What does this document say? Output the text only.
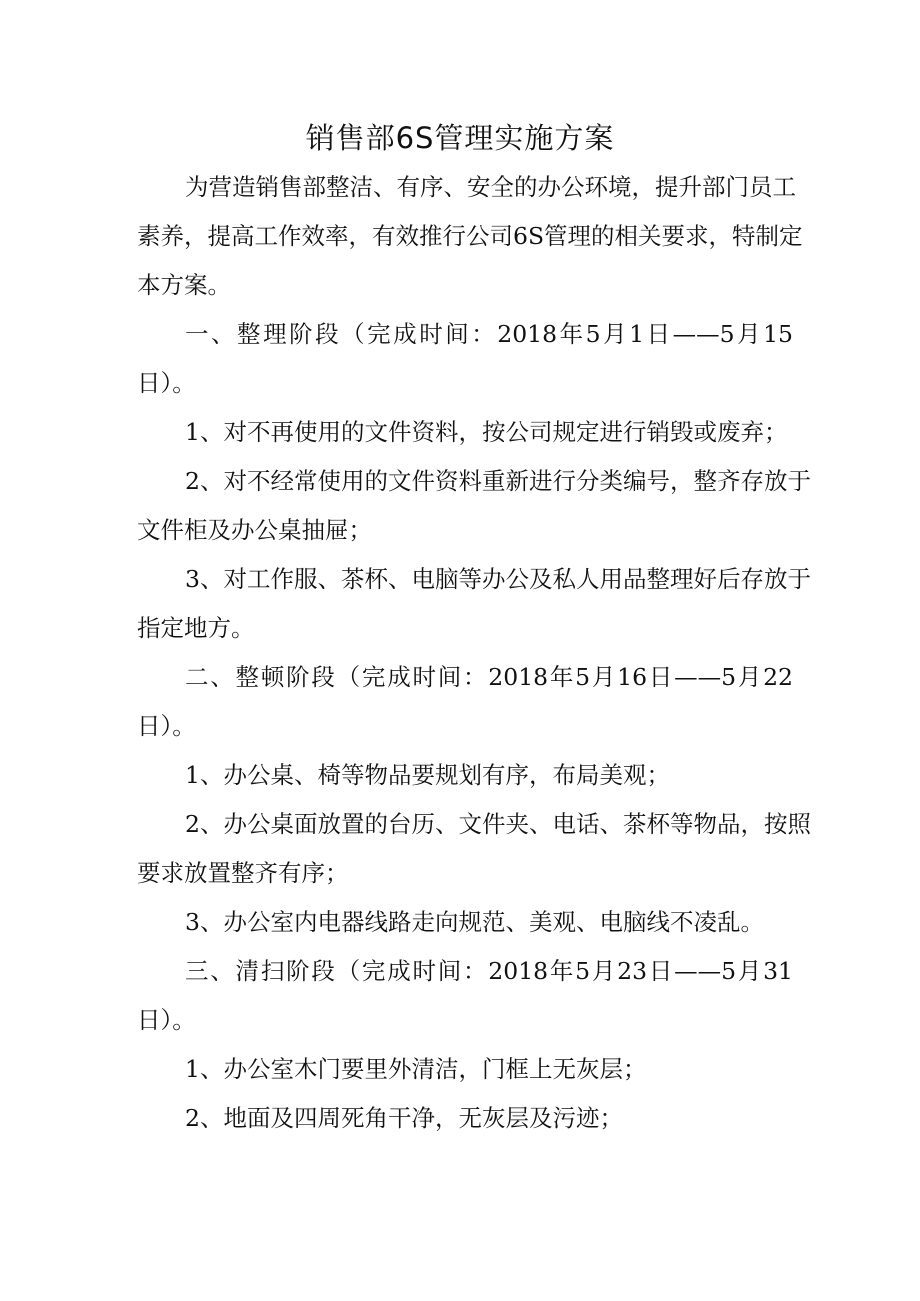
销售部6S管理实施方案
为营造销售部整洁、有序、安全的办公环境，提升部门员工
素养，提高工作效率，有效推行公司6S管理的相关要求，特制定
本方案。
一、整理阶段（完成时间：2018年5月1日——5月15
日）。
1、对不再使用的文件资料，按公司规定进行销毁或废弃；
2、对不经常使用的文件资料重新进行分类编号，整齐存放于
文件柜及办公桌抽屉；
3、对工作服、茶杯、电脑等办公及私人用品整理好后存放于
指定地方。
二、整顿阶段（完成时间：2018年5月16日——5月22
日）。
1、办公桌、椅等物品要规划有序，布局美观；
2、办公桌面放置的台历、文件夹、电话、茶杯等物品，按照
要求放置整齐有序；
3、办公室内电器线路走向规范、美观、电脑线不凌乱。
三、清扫阶段（完成时间：2018年5月23日——5月31
日）。
1、办公室木门要里外清洁，门框上无灰层；
2、地面及四周死角干净，无灰层及污迹；
